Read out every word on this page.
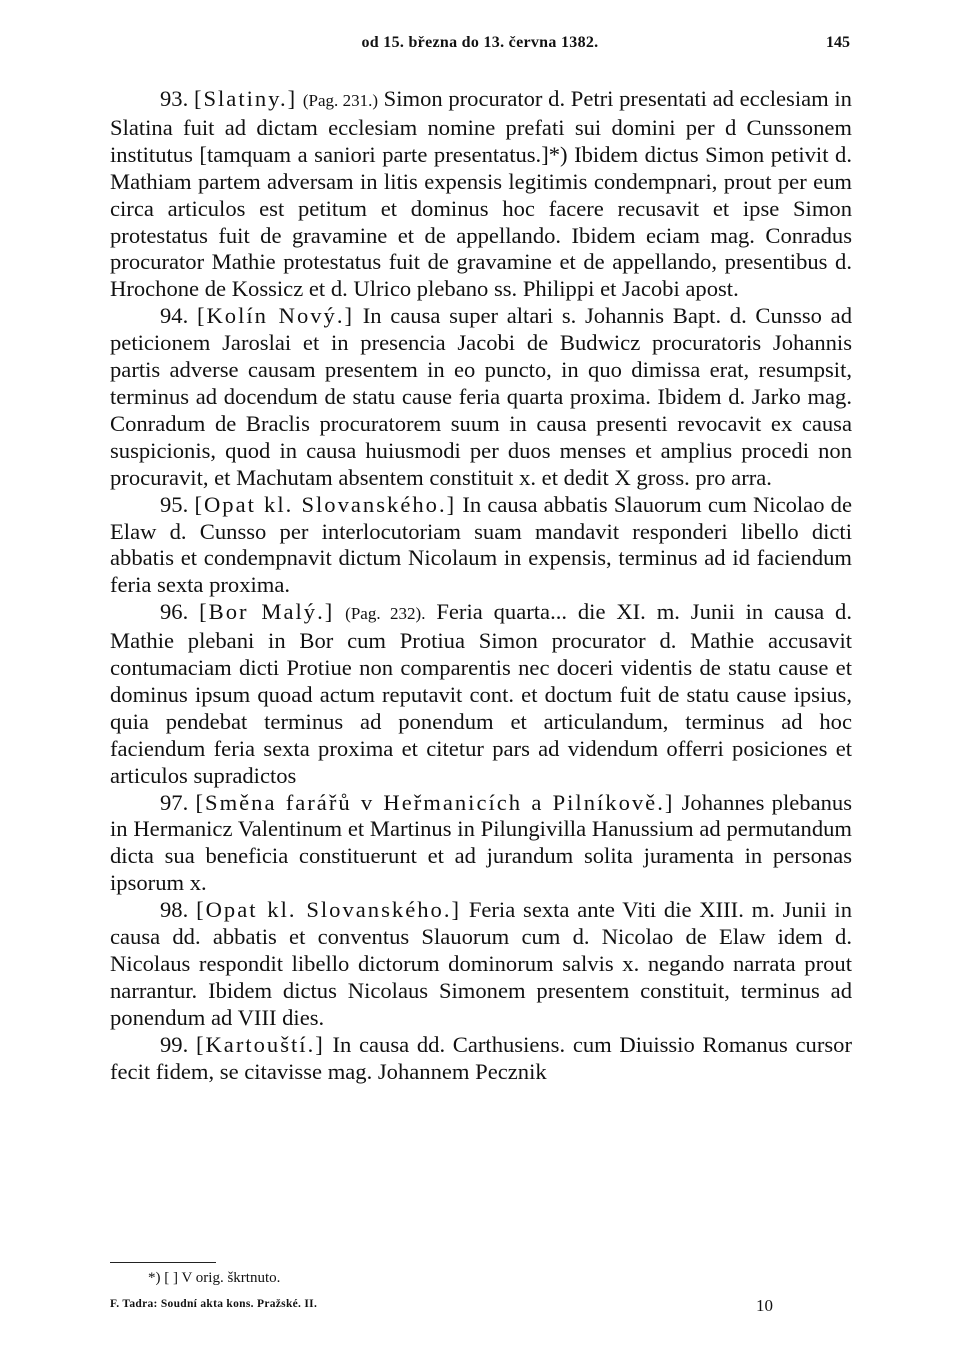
od 15. března do 13. června 1382.	145

93. [Slatiny.] (Pag. 231.) Simon procurator d. Petri presentati ad ecclesiam in Slatina fuit ad dictam ecclesiam nomine prefati sui domini per d Cunssonem institutus [tamquam a saniori parte presentatus.]*) Ibidem dictus Simon petivit d. Mathiam partem adversam in litis expensis legitimis condempnari, prout per eum circa articulos est petitum et dominus hoc facere recusavit et ipse Simon protestatus fuit de gravamine et de appellando. Ibidem eciam mag. Conradus procurator Mathie protestatus fuit de gravamine et de appellando, presentibus d. Hrochone de Kossicz et d. Ulrico plebano ss. Philippi et Jacobi apost.

94. [Kolín Nový.] In causa super altari s. Johannis Bapt. d. Cunsso ad peticionem Jaroslai et in presencia Jacobi de Budwicz procuratoris Johannis partis adverse causam presentem in eo puncto, in quo dimissa erat, resumpsit, terminus ad docendum de statu cause feria quarta proxima. Ibidem d. Jarko mag. Conradum de Braclis procuratorem suum in causa presenti revocavit ex causa suspicionis, quod in causa huiusmodi per duos menses et amplius procedi non procuravit, et Machutam absentem constituit x. et dedit X gross. pro arra.

95. [Opat kl. Slovanského.] In causa abbatis Slauorum cum Nicolao de Elaw d. Cunsso per interlocutoriam suam mandavit responderi libello dicti abbatis et condempnavit dictum Nicolaum in expensis, terminus ad id faciendum feria sexta proxima.

96. [Bor Malý.] (Pag. 232). Feria quarta... die XI. m. Junii in causa d. Mathie plebani in Bor cum Protiua Simon procurator d. Mathie accusavit contumaciam dicti Protiue non comparentis nec doceri videntis de statu cause et dominus ipsum quoad actum reputavit cont. et doctum fuit de statu cause ipsius, quia pendebat terminus ad ponendum et articulandum, terminus ad hoc faciendum feria sexta proxima et citetur pars ad videndum offerri posiciones et articulos supradictos

97. [Směna farářů v Heřmanicích a Pilníkově.] Johannes plebanus in Hermanicz Valentinum et Martinus in Pilungivilla Hanussium ad permutandum dicta sua beneficia constituerunt et ad jurandum solita juramenta in personas ipsorum x.

98. [Opat kl. Slovanského.] Feria sexta ante Viti die XIII. m. Junii in causa dd. abbatis et conventus Slauorum cum d. Nicolao de Elaw idem d. Nicolaus respondit libello dictorum dominorum salvis x. negando narrata prout narrantur. Ibidem dictus Nicolaus Simonem presentem constituit, terminus ad ponendum ad VIII dies.

99. [Kartouští.] In causa dd. Carthusiens. cum Diuissio Romanus cursor fecit fidem, se citavisse mag. Johannem Pecznik

*) [ ] V orig. škrtnuto.
F. Tadra: Soudní akta kons. Pražské. II.	10
